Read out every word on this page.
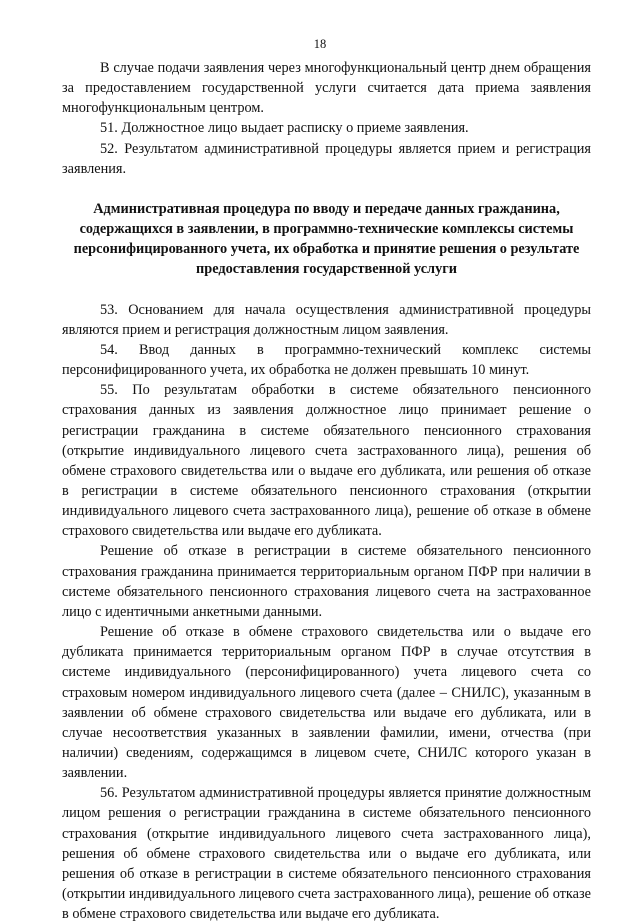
18

В случае подачи заявления через многофункциональный центр днем обращения за предоставлением государственной услуги считается дата приема заявления многофункциональным центром.

51. Должностное лицо выдает расписку о приеме заявления.

52. Результатом административной процедуры является прием и регистрация заявления.

Административная процедура по вводу и передаче данных гражданина, содержащихся в заявлении, в программно-технические комплексы системы персонифицированного учета, их обработка и принятие решения о результате предоставления государственной услуги

53. Основанием для начала осуществления административной процедуры являются прием и регистрация должностным лицом заявления.

54. Ввод данных в программно-технический комплекс системы персонифицированного учета, их обработка не должен превышать 10 минут.

55. По результатам обработки в системе обязательного пенсионного страхования данных из заявления должностное лицо принимает решение о регистрации гражданина в системе обязательного пенсионного страхования (открытие индивидуального лицевого счета застрахованного лица), решения об обмене страхового свидетельства или о выдаче его дубликата, или решения об отказе в регистрации в системе обязательного пенсионного страхования (открытии индивидуального лицевого счета застрахованного лица), решение об отказе в обмене страхового свидетельства или выдаче его дубликата.

Решение об отказе в регистрации в системе обязательного пенсионного страхования гражданина принимается территориальным органом ПФР при наличии в системе обязательного пенсионного страхования лицевого счета на застрахованное лицо с идентичными анкетными данными.

Решение об отказе в обмене страхового свидетельства или о выдаче его дубликата принимается территориальным органом ПФР в случае отсутствия в системе индивидуального (персонифицированного) учета лицевого счета со страховым номером индивидуального лицевого счета (далее – СНИЛС), указанным в заявлении об обмене страхового свидетельства или выдаче его дубликата, или в случае несоответствия указанных в заявлении фамилии, имени, отчества (при наличии) сведениям, содержащимся в лицевом счете, СНИЛС которого указан в заявлении.

56. Результатом административной процедуры является принятие должностным лицом решения о регистрации гражданина в системе обязательного пенсионного страхования (открытие индивидуального лицевого счета застрахованного лица), решения об обмене страхового свидетельства или о выдаче его дубликата, или решения об отказе в регистрации в системе обязательного пенсионного страхования (открытии индивидуального лицевого счета застрахованного лица), решение об отказе в обмене страхового свидетельства или выдаче его дубликата.
